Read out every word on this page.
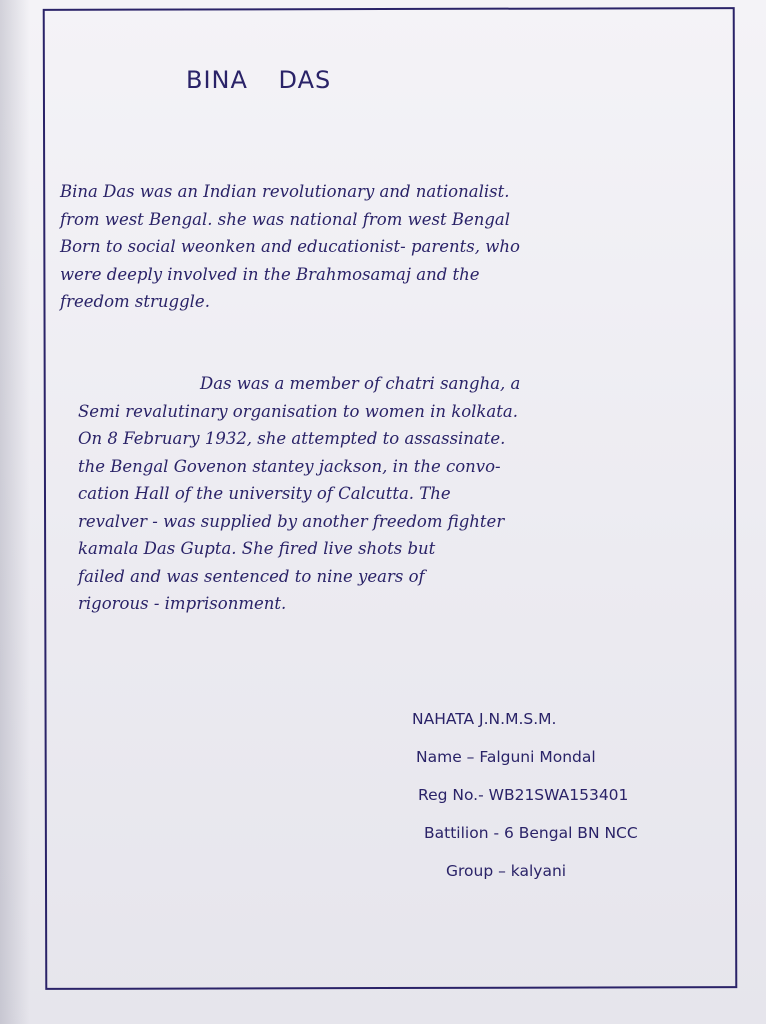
BINA DAS
Bina Das was an Indian revolutionary and nationalist.
from west Bengal. she was national from west Bengal
Born to social weonken and educationist- parents, who
were deeply involved in the Brahmosamaj and the
freedom struggle.
Das was a member of chatri sangha, a
Semi revalutinary organisation to women in kolkata.
On 8 February 1932, she attempted to assassinate.
the Bengal Govenon stantey jackson, in the convo-
cation Hall of the university of Calcutta. The
revalver - was supplied by another freedom fighter
kamala Das Gupta. She fired live shots but
failed and was sentenced to nine years of
rigorous - imprisonment.
NAHATA J.N.M.S.M.
Name – Falguni Mondal
Reg No.- WB21SWA153401
Battilion - 6 Bengal BN NCC
Group – kalyani
